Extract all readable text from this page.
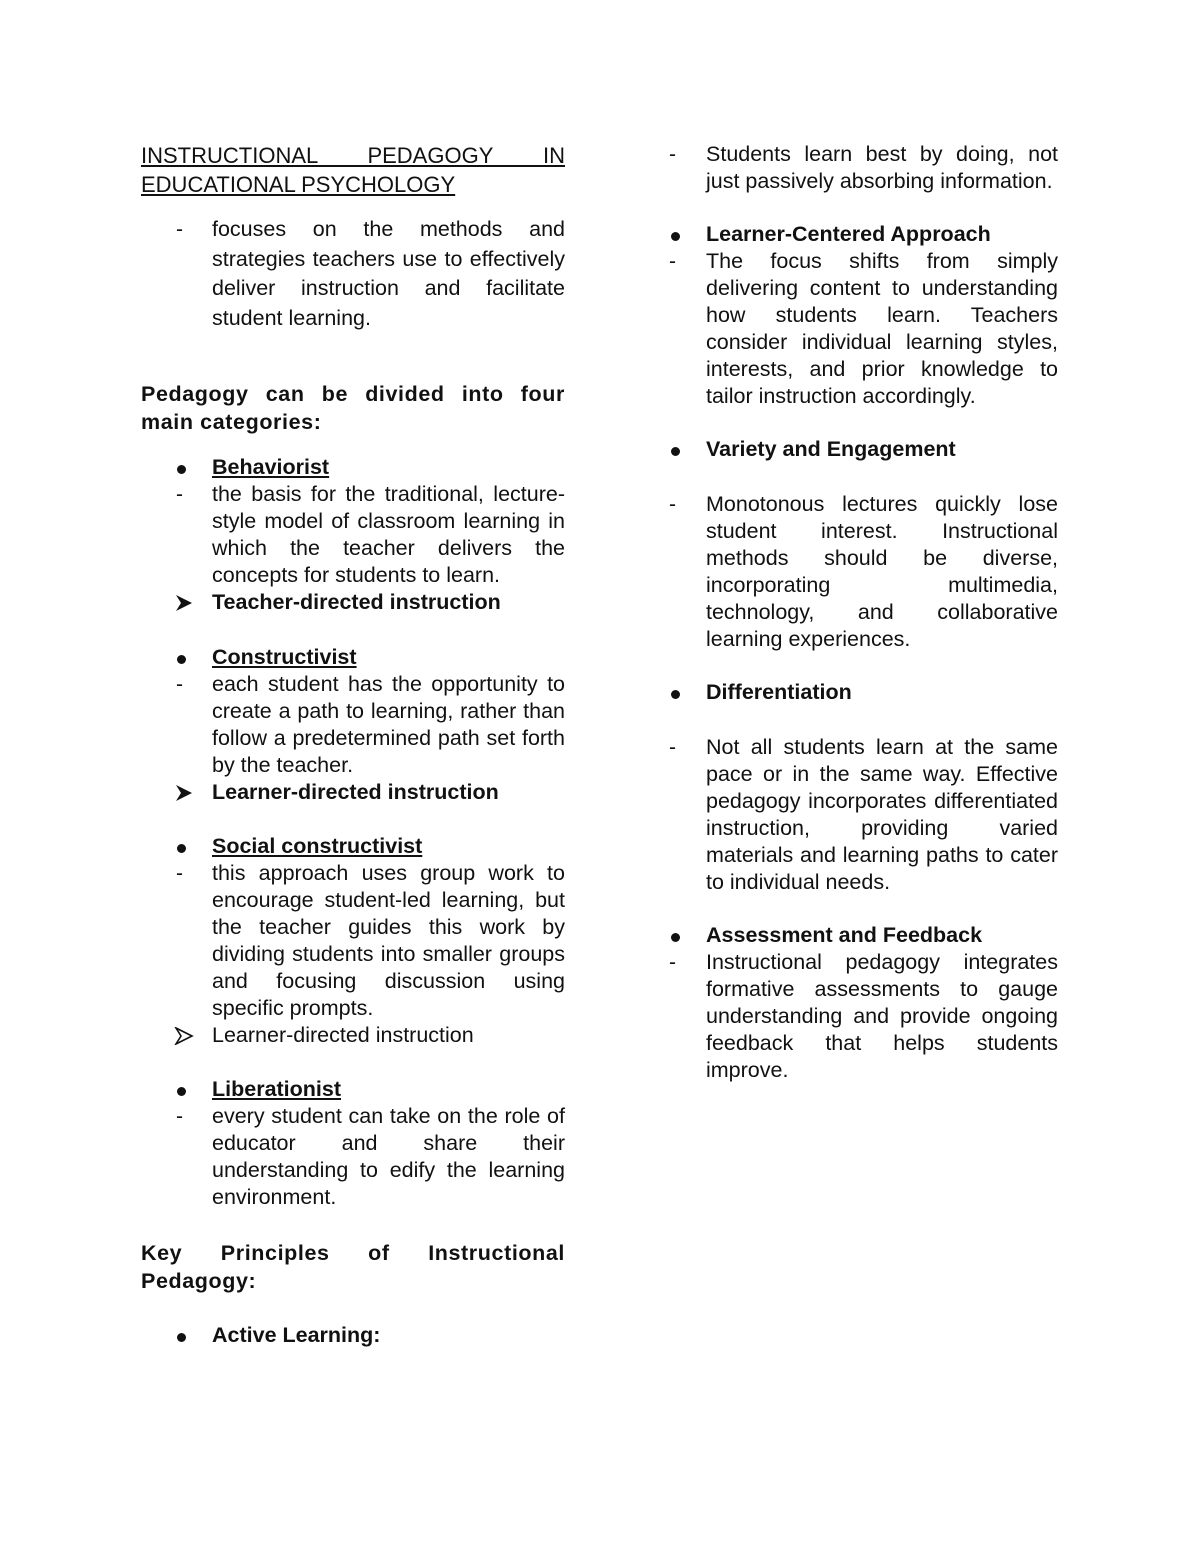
INSTRUCTIONAL PEDAGOGY IN
EDUCATIONAL PSYCHOLOGY
-	focuses on the methods and strategies teachers use to effectively deliver instruction and facilitate student learning.
Pedagogy can be divided into four
main categories:
Behaviorist
-	the basis for the traditional, lecture-style model of classroom learning in which the teacher delivers the concepts for students to learn.
Teacher-directed instruction
Constructivist
-	each student has the opportunity to create a path to learning, rather than follow a predetermined path set forth by the teacher.
Learner-directed instruction
Social constructivist
-	this approach uses group work to encourage student-led learning, but the teacher guides this work by dividing students into smaller groups and focusing discussion using specific prompts.
Learner-directed instruction
Liberationist
-	every student can take on the role of educator and share their understanding to edify the learning environment.
Key Principles of Instructional
Pedagogy:
Active Learning:
-	Students learn best by doing, not just passively absorbing information.
Learner-Centered Approach
-	The focus shifts from simply delivering content to understanding how students learn. Teachers consider individual learning styles, interests, and prior knowledge to tailor instruction accordingly.
Variety and Engagement
-	Monotonous lectures quickly lose student interest. Instructional methods should be diverse, incorporating multimedia, technology, and collaborative learning experiences.
Differentiation
-	Not all students learn at the same pace or in the same way. Effective pedagogy incorporates differentiated instruction, providing varied materials and learning paths to cater to individual needs.
Assessment and Feedback
-	Instructional pedagogy integrates formative assessments to gauge understanding and provide ongoing feedback that helps students improve.
